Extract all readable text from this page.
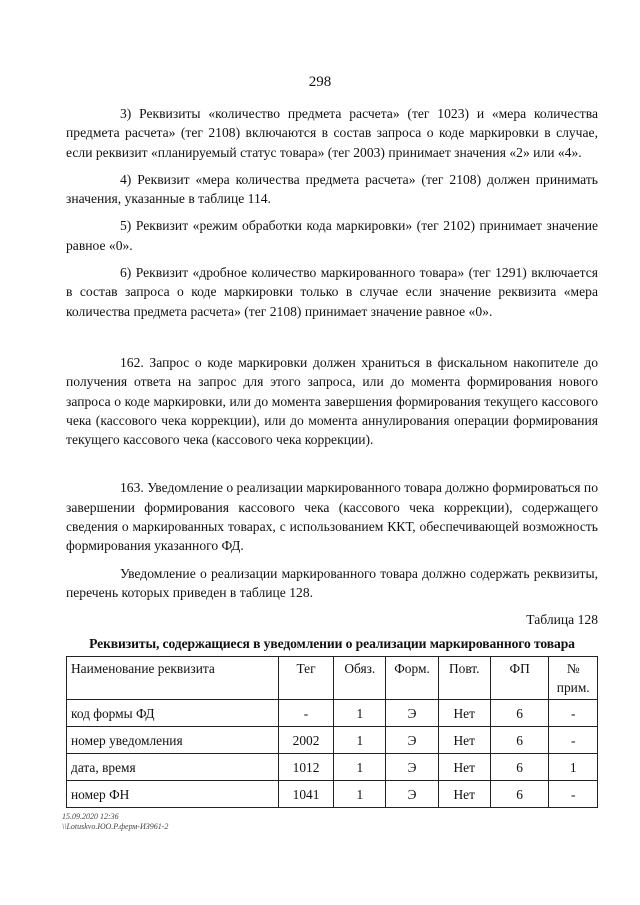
298

3) Реквизиты «количество предмета расчета» (тег 1023) и «мера количества предмета расчета» (тег 2108) включаются в состав запроса о коде маркировки в случае, если реквизит «планируемый статус товара» (тег 2003) принимает значения «2» или «4».

4) Реквизит «мера количества предмета расчета» (тег 2108) должен принимать значения, указанные в таблице 114.

5) Реквизит «режим обработки кода маркировки» (тег 2102) принимает значение равное «0».

6) Реквизит «дробное количество маркированного товара» (тег 1291) включается в состав запроса о коде маркировки только в случае если значение реквизита «мера количества предмета расчета» (тег 2108) принимает значение равное «0».

162. Запрос о коде маркировки должен храниться в фискальном накопителе до получения ответа на запрос для этого запроса, или до момента формирования нового запроса о коде маркировки, или до момента завершения формирования текущего кассового чека (кассового чека коррекции), или до момента аннулирования операции формирования текущего кассового чека (кассового чека коррекции).

163. Уведомление о реализации маркированного товара должно формироваться по завершении формирования кассового чека (кассового чека коррекции), содержащего сведения о маркированных товарах, с использованием ККТ, обеспечивающей возможность формирования указанного ФД.

Уведомление о реализации маркированного товара должно содержать реквизиты, перечень которых приведен в таблице 128.

Таблица 128
Реквизиты, содержащиеся в уведомлении о реализации маркированного товара
Наименование реквизита	Тег	Обяз.	Форм.	Повт.	ФП	№ прим.
код формы ФД	-	1	Э	Нет	6	-
номер уведомления	2002	1	Э	Нет	6	-
дата, время	1012	1	Э	Нет	6	1
номер ФН	1041	1	Э	Нет	6	-
15.09.2020 12:36
\\Lotuskvo.ЮО.Р.ферм-ИЗ961-2
